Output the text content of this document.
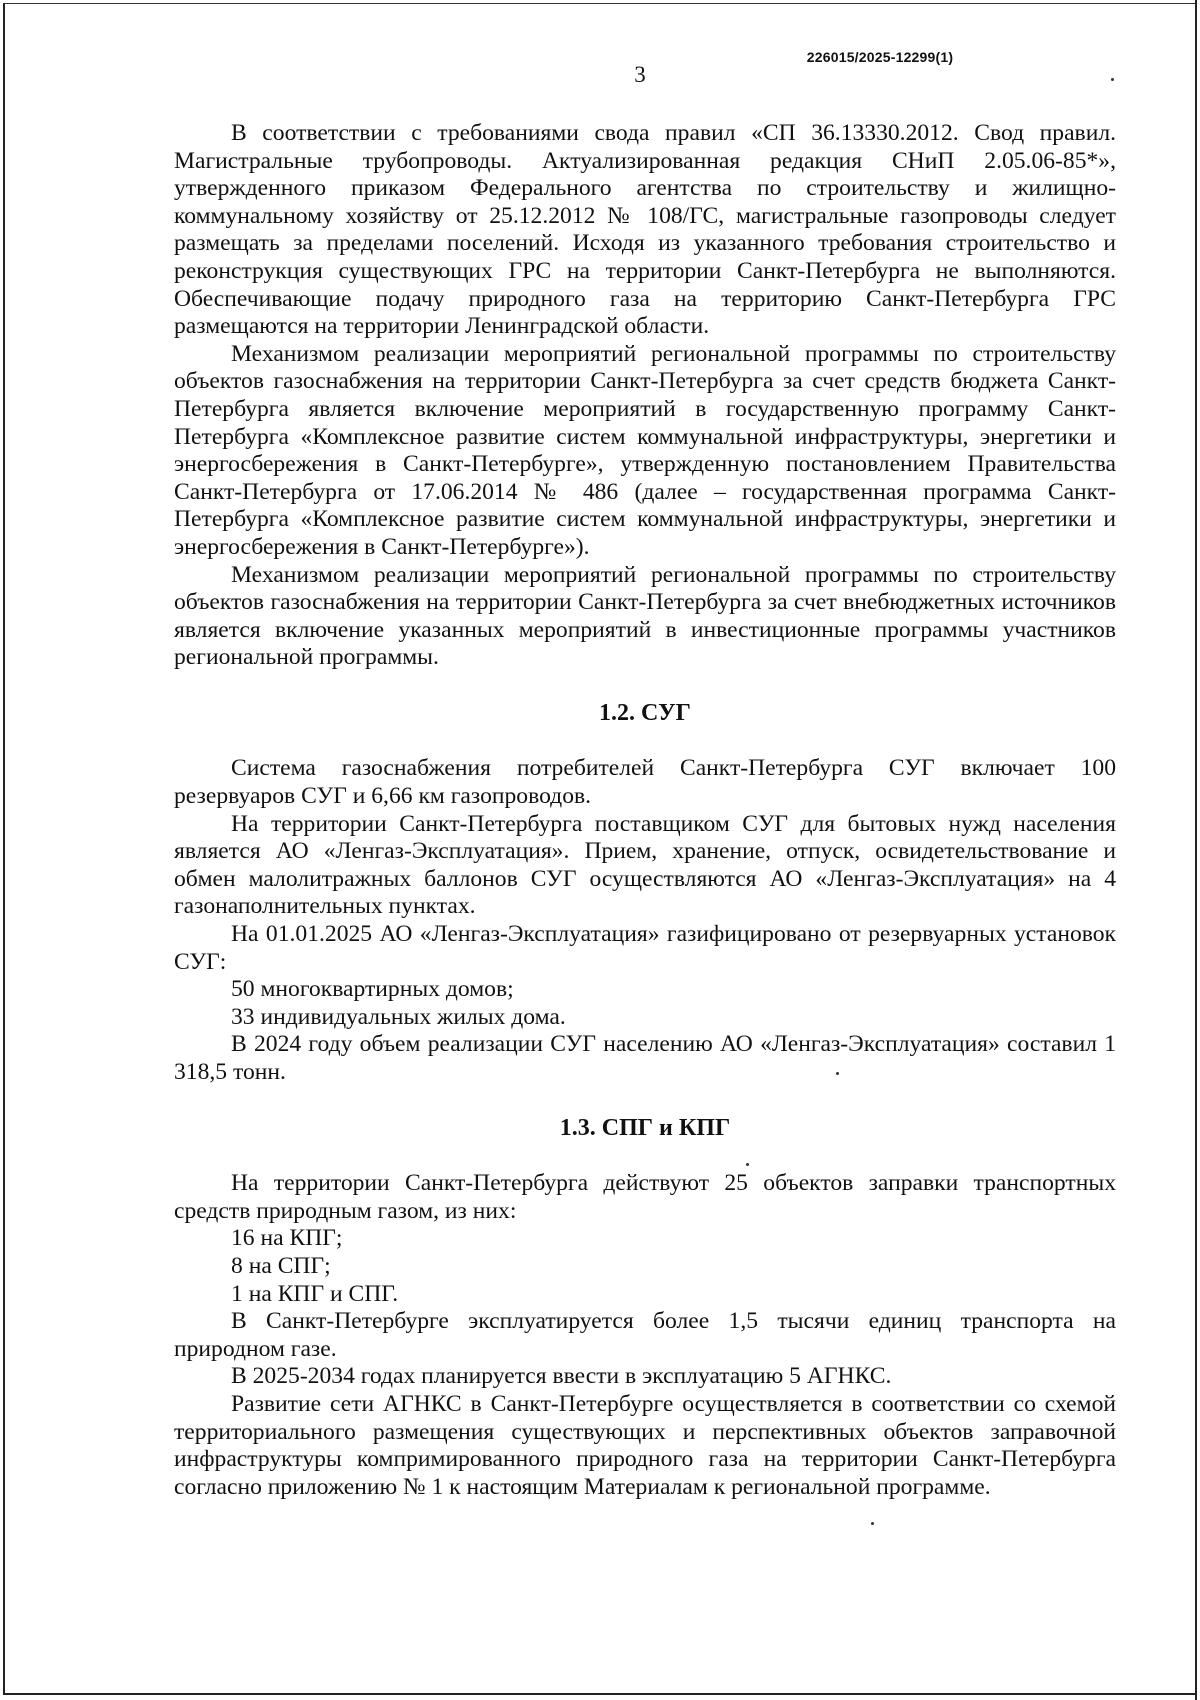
226015/2025-12299(1)
3

В соответствии с требованиями свода правил «СП 36.13330.2012. Свод правил. Магистральные трубопроводы. Актуализированная редакция СНиП 2.05.06-85*», утвержденного приказом Федерального агентства по строительству и жилищно-коммунальному хозяйству от 25.12.2012 № 108/ГС, магистральные газопроводы следует размещать за пределами поселений. Исходя из указанного требования строительство и реконструкция существующих ГРС на территории Санкт-Петербурга не выполняются. Обеспечивающие подачу природного газа на территорию Санкт-Петербурга ГРС размещаются на территории Ленинградской области.

Механизмом реализации мероприятий региональной программы по строительству объектов газоснабжения на территории Санкт-Петербурга за счет средств бюджета Санкт-Петербурга является включение мероприятий в государственную программу Санкт-Петербурга «Комплексное развитие систем коммунальной инфраструктуры, энергетики и энергосбережения в Санкт-Петербурге», утвержденную постановлением Правительства Санкт-Петербурга от 17.06.2014 № 486 (далее – государственная программа Санкт-Петербурга «Комплексное развитие систем коммунальной инфраструктуры, энергетики и энергосбережения в Санкт-Петербурге»).

Механизмом реализации мероприятий региональной программы по строительству объектов газоснабжения на территории Санкт-Петербурга за счет внебюджетных источников является включение указанных мероприятий в инвестиционные программы участников региональной программы.

1.2. СУГ

Система газоснабжения потребителей Санкт-Петербурга СУГ включает 100 резервуаров СУГ и 6,66 км газопроводов.

На территории Санкт-Петербурга поставщиком СУГ для бытовых нужд населения является АО «Ленгаз-Эксплуатация». Прием, хранение, отпуск, освидетельствование и обмен малолитражных баллонов СУГ осуществляются АО «Ленгаз-Эксплуатация» на 4 газонаполнительных пунктах.

На 01.01.2025 АО «Ленгаз-Эксплуатация» газифицировано от резервуарных установок СУГ:

50 многоквартирных домов;

33 индивидуальных жилых дома.

В 2024 году объем реализации СУГ населению АО «Ленгаз-Эксплуатация» составил 1 318,5 тонн.

1.3. СПГ и КПГ

На территории Санкт-Петербурга действуют 25 объектов заправки транспортных средств природным газом, из них:

16 на КПГ;

8 на СПГ;

1 на КПГ и СПГ.

В Санкт-Петербурге эксплуатируется более 1,5 тысячи единиц транспорта на природном газе.

В 2025-2034 годах планируется ввести в эксплуатацию 5 АГНКС.

Развитие сети АГНКС в Санкт-Петербурге осуществляется в соответствии со схемой территориального размещения существующих и перспективных объектов заправочной инфраструктуры компримированного природного газа на территории Санкт-Петербурга согласно приложению № 1 к настоящим Материалам к региональной программе.
